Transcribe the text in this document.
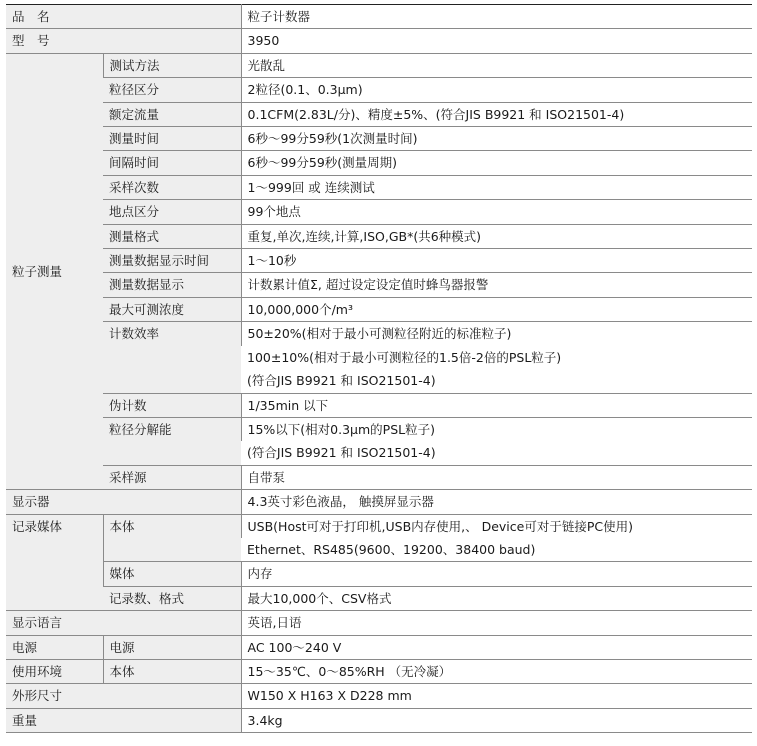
品　名		粒子计数器
型　号		3950
粒子测量	测试方法	光散乱
	粒径区分	2粒径(0.1、0.3μm)
	额定流量	0.1CFM(2.83L/分)、精度±5%、(符合JIS B9921 和 ISO21501-4)
	测量时间	6秒～99分59秒(1次测量时间)
	间隔时间	6秒～99分59秒(测量周期)
	采样次数	1～999回 或 连续测试
	地点区分	99个地点
	测量格式	重复,单次,连续,计算,ISO,GB*(共6种模式)
	测量数据显示时间	1～10秒
	测量数据显示	计数累计值Σ, 超过设定设定值时蜂鸟器报警
	最大可测浓度	10,000,000个/m³
	计数效率	50±20%(相对于最小可测粒径附近的标准粒子)
		100±10%(相对于最小可测粒径的1.5倍-2倍的PSL粒子)
		(符合JIS B9921 和 ISO21501-4)
	伪计数	1/35min 以下
	粒径分解能	15%以下(相对0.3μm的PSL粒子)
		(符合JIS B9921 和 ISO21501-4)
	采样源	自带泵
显示器		4.3英寸彩色液晶， 触摸屏显示器
记录媒体	本体	USB(Host可对于打印机,USB内存使用,、 Device可对于链接PC使用)
		Ethernet、RS485(9600、19200、38400 baud)
	媒体	内存
	记录数、格式	最大10,000个、CSV格式
显示语言		英语,日语
电源	电源	AC 100～240 V
使用环境	本体	15～35℃、0～85%RH （无冷凝）
外形尺寸		W150 X H163 X D228 mm
重量		3.4kg
